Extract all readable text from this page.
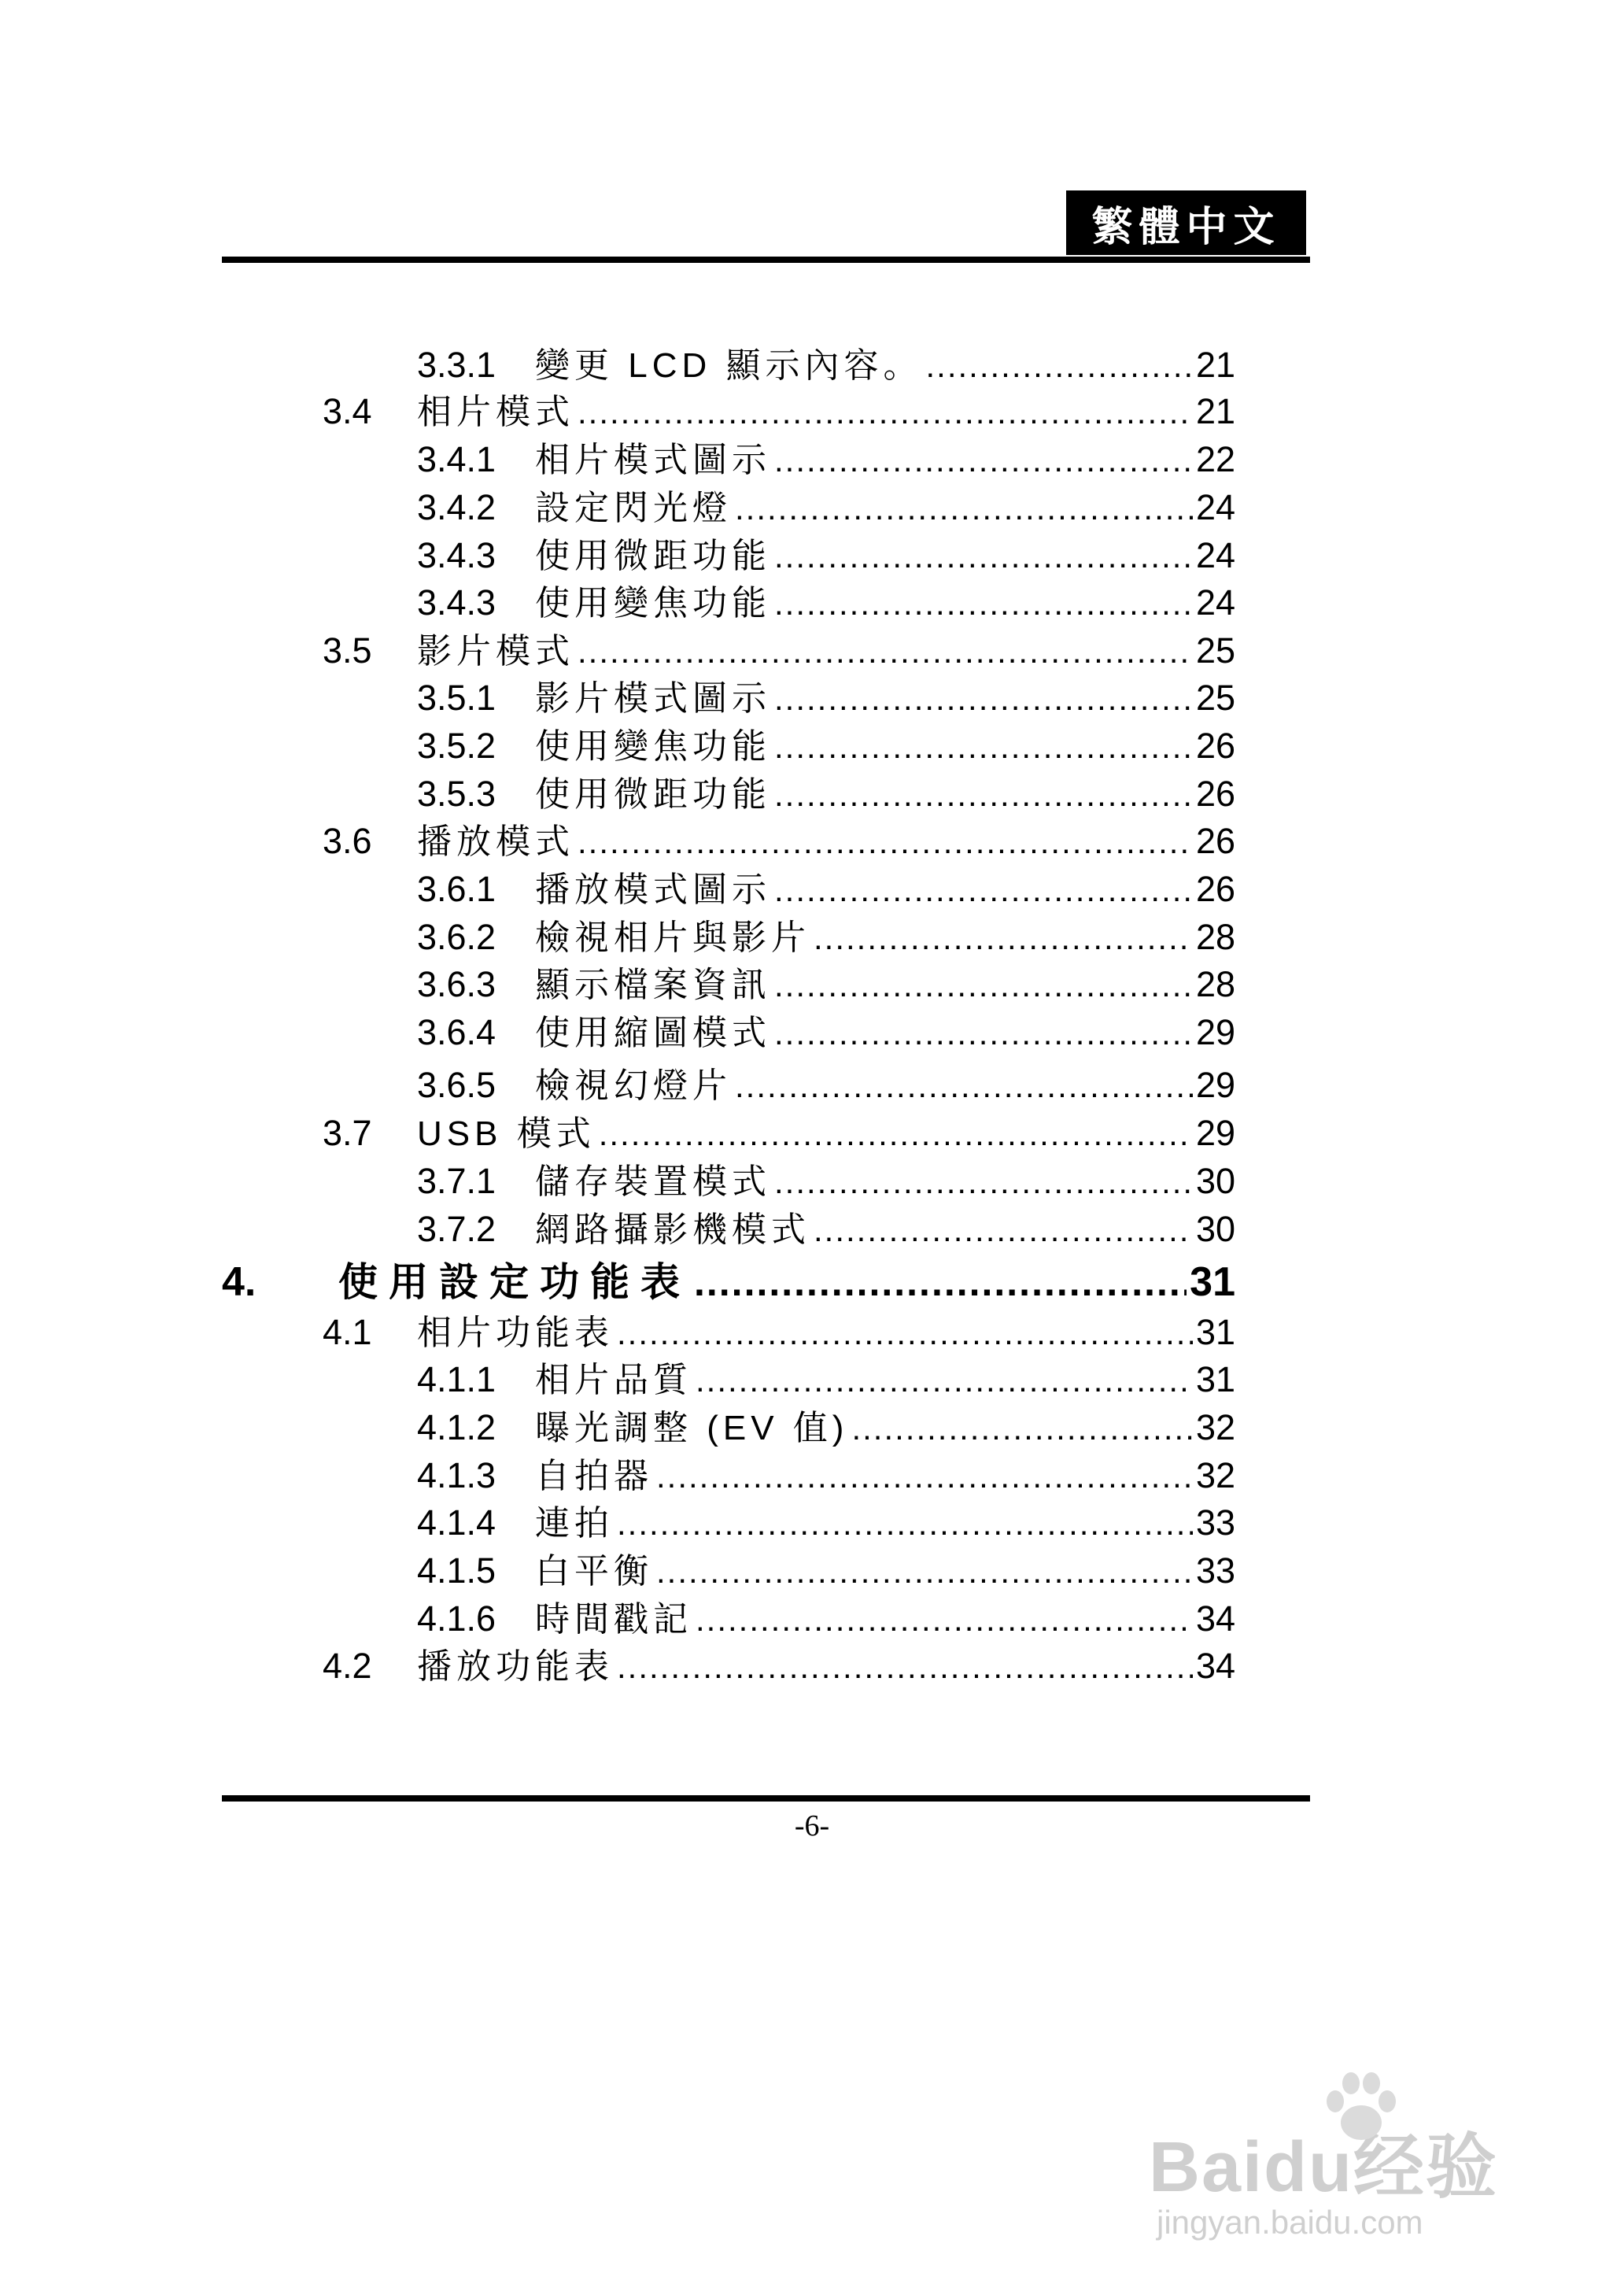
繁體中文
3.3.1	變更 LCD 顯示內容。 .....	21
3.4	相片模式 .....	21
3.4.1	相片模式圖示 .....	22
3.4.2	設定閃光燈 .....	24
3.4.3	使用微距功能 .....	24
3.4.3	使用變焦功能 .....	24
3.5	影片模式 .....	25
3.5.1	影片模式圖示 .....	25
3.5.2	使用變焦功能 .....	26
3.5.3	使用微距功能 .....	26
3.6	播放模式 .....	26
3.6.1	播放模式圖示 .....	26
3.6.2	檢視相片與影片 .....	28
3.6.3	顯示檔案資訊 .....	28
3.6.4	使用縮圖模式 .....	29
3.6.5	檢視幻燈片 .....	29
3.7	USB 模式 .....	29
3.7.1	儲存裝置模式 .....	30
3.7.2	網路攝影機模式 .....	30
4.	使用設定功能表 .....	31
4.1	相片功能表 .....	31
4.1.1	相片品質 .....	31
4.1.2	曝光調整 (EV 值) .....	32
4.1.3	自拍器 .....	32
4.1.4	連拍 .....	33
4.1.5	白平衡 .....	33
4.1.6	時間戳記 .....	34
4.2	播放功能表 .....	34
-6-
Baidu经验
jingyan.baidu.com
